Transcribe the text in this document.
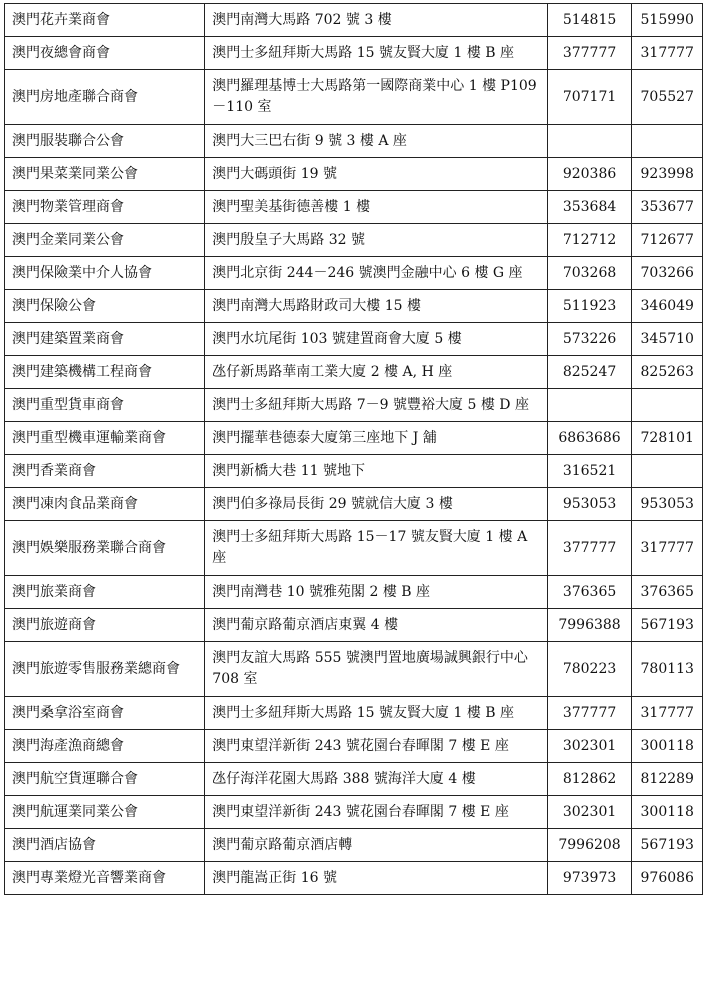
澳門花卉業商會	澳門南灣大馬路 702 號 3 樓	514815	515990
澳門夜總會商會	澳門士多紐拜斯大馬路 15 號友賢大廈 1 樓 B 座	377777	317777
澳門房地產聯合商會	澳門羅理基博士大馬路第一國際商業中心 1 樓 P109 －110 室	707171	705527
澳門服裝聯合公會	澳門大三巴右街 9 號 3 樓 A 座		
澳門果菜業同業公會	澳門大碼頭街 19 號	920386	923998
澳門物業管理商會	澳門聖美基街德善樓 1 樓	353684	353677
澳門金業同業公會	澳門殷皇子大馬路 32 號	712712	712677
澳門保險業中介人協會	澳門北京街 244－246 號澳門金融中心 6 樓 G 座	703268	703266
澳門保險公會	澳門南灣大馬路財政司大樓 15 樓	511923	346049
澳門建築置業商會	澳門水坑尾街 103 號建置商會大廈 5 樓	573226	345710
澳門建築機構工程商會	氹仔新馬路華南工業大廈 2 樓 A, H 座	825247	825263
澳門重型貨車商會	澳門士多紐拜斯大馬路 7－9 號豐裕大廈 5 樓 D 座		
澳門重型機車運輸業商會	澳門擺華巷德泰大廈第三座地下 J 舖	6863686	728101
澳門香業商會	澳門新橋大巷 11 號地下	316521	
澳門凍肉食品業商會	澳門伯多祿局長街 29 號就信大廈 3 樓	953053	953053
澳門娛樂服務業聯合商會	澳門士多紐拜斯大馬路 15－17 號友賢大廈 1 樓 A 座	377777	317777
澳門旅業商會	澳門南灣巷 10 號雅苑閣 2 樓 B 座	376365	376365
澳門旅遊商會	澳門葡京路葡京酒店東翼 4 樓	7996388	567193
澳門旅遊零售服務業總商會	澳門友誼大馬路 555 號澳門置地廣場誠興銀行中心 708 室	780223	780113
澳門桑拿浴室商會	澳門士多紐拜斯大馬路 15 號友賢大廈 1 樓 B 座	377777	317777
澳門海產漁商總會	澳門東望洋新街 243 號花園台春暉閣 7 樓 E 座	302301	300118
澳門航空貨運聯合會	氹仔海洋花園大馬路 388 號海洋大廈 4 樓	812862	812289
澳門航運業同業公會	澳門東望洋新街 243 號花園台春暉閣 7 樓 E 座	302301	300118
澳門酒店協會	澳門葡京路葡京酒店轉	7996208	567193
澳門專業燈光音響業商會	澳門龍嵩正街 16 號	973973	976086
